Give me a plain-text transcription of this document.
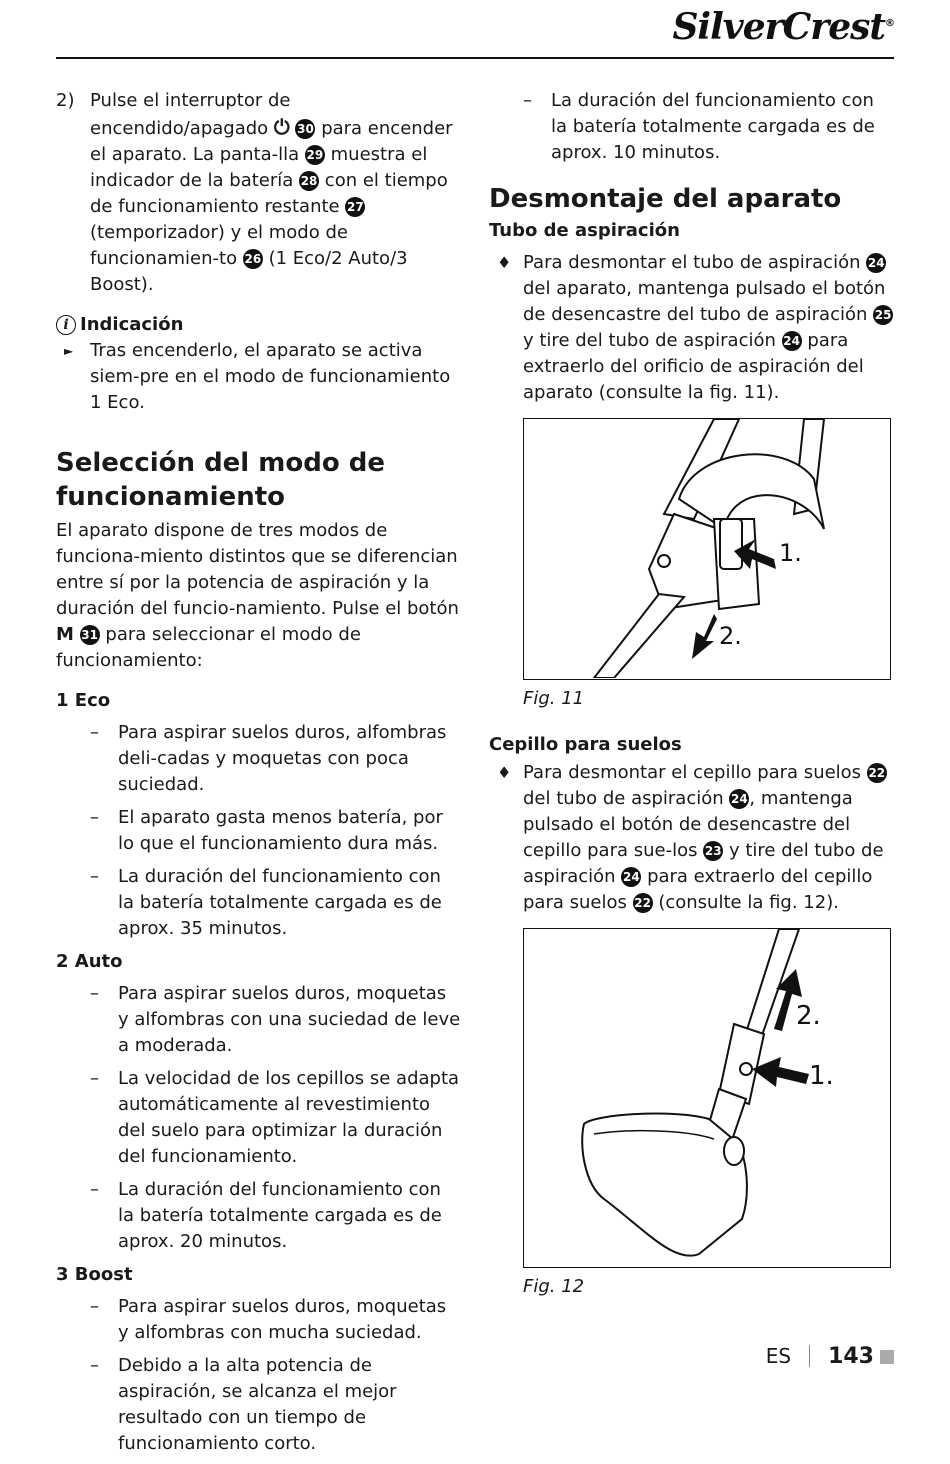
SilverCrest®

2) Pulse el interruptor de encendido/apagado ⏻ 30 para encender el aparato. La panta-lla 29 muestra el indicador de la batería 28 con el tiempo de funcionamiento restante 27 (temporizador) y el modo de funcionamien-to 26 (1 Eco/2 Auto/3 Boost).

i Indicación

► Tras encenderlo, el aparato se activa siem-pre en el modo de funcionamiento 1 Eco.

Selección del modo de funcionamiento

El aparato dispone de tres modos de funciona-miento distintos que se diferencian entre sí por la potencia de aspiración y la duración del funcio-namiento. Pulse el botón M 31 para seleccionar el modo de funcionamiento:

1 Eco

– Para aspirar suelos duros, alfombras deli-cadas y moquetas con poca suciedad.

– El aparato gasta menos batería, por lo que el funcionamiento dura más.

– La duración del funcionamiento con la batería totalmente cargada es de aprox. 35 minutos.

2 Auto

– Para aspirar suelos duros, moquetas y alfombras con una suciedad de leve a moderada.

– La velocidad de los cepillos se adapta automáticamente al revestimiento del suelo para optimizar la duración del funcionamiento.

– La duración del funcionamiento con la batería totalmente cargada es de aprox. 20 minutos.

3 Boost

– Para aspirar suelos duros, moquetas y alfombras con mucha suciedad.

– Debido a la alta potencia de aspiración, se alcanza el mejor resultado con un tiempo de funcionamiento corto.

– La duración del funcionamiento con la batería totalmente cargada es de aprox. 10 minutos.

Desmontaje del aparato
Tubo de aspiración

♦ Para desmontar el tubo de aspiración 24 del aparato, mantenga pulsado el botón de desencastre del tubo de aspiración 25 y tire del tubo de aspiración 24 para extraerlo del orificio de aspiración del aparato (consulte la fig. 11).

1.
2.
Fig. 11
Cepillo para suelos

♦ Para desmontar el cepillo para suelos 22 del tubo de aspiración 24, mantenga pulsado el botón de desencastre del cepillo para sue-los 23 y tire del tubo de aspiración 24 para extraerlo del cepillo para suelos 22 (consulte la fig. 12).

1.
2.
Fig. 12
ES 143
